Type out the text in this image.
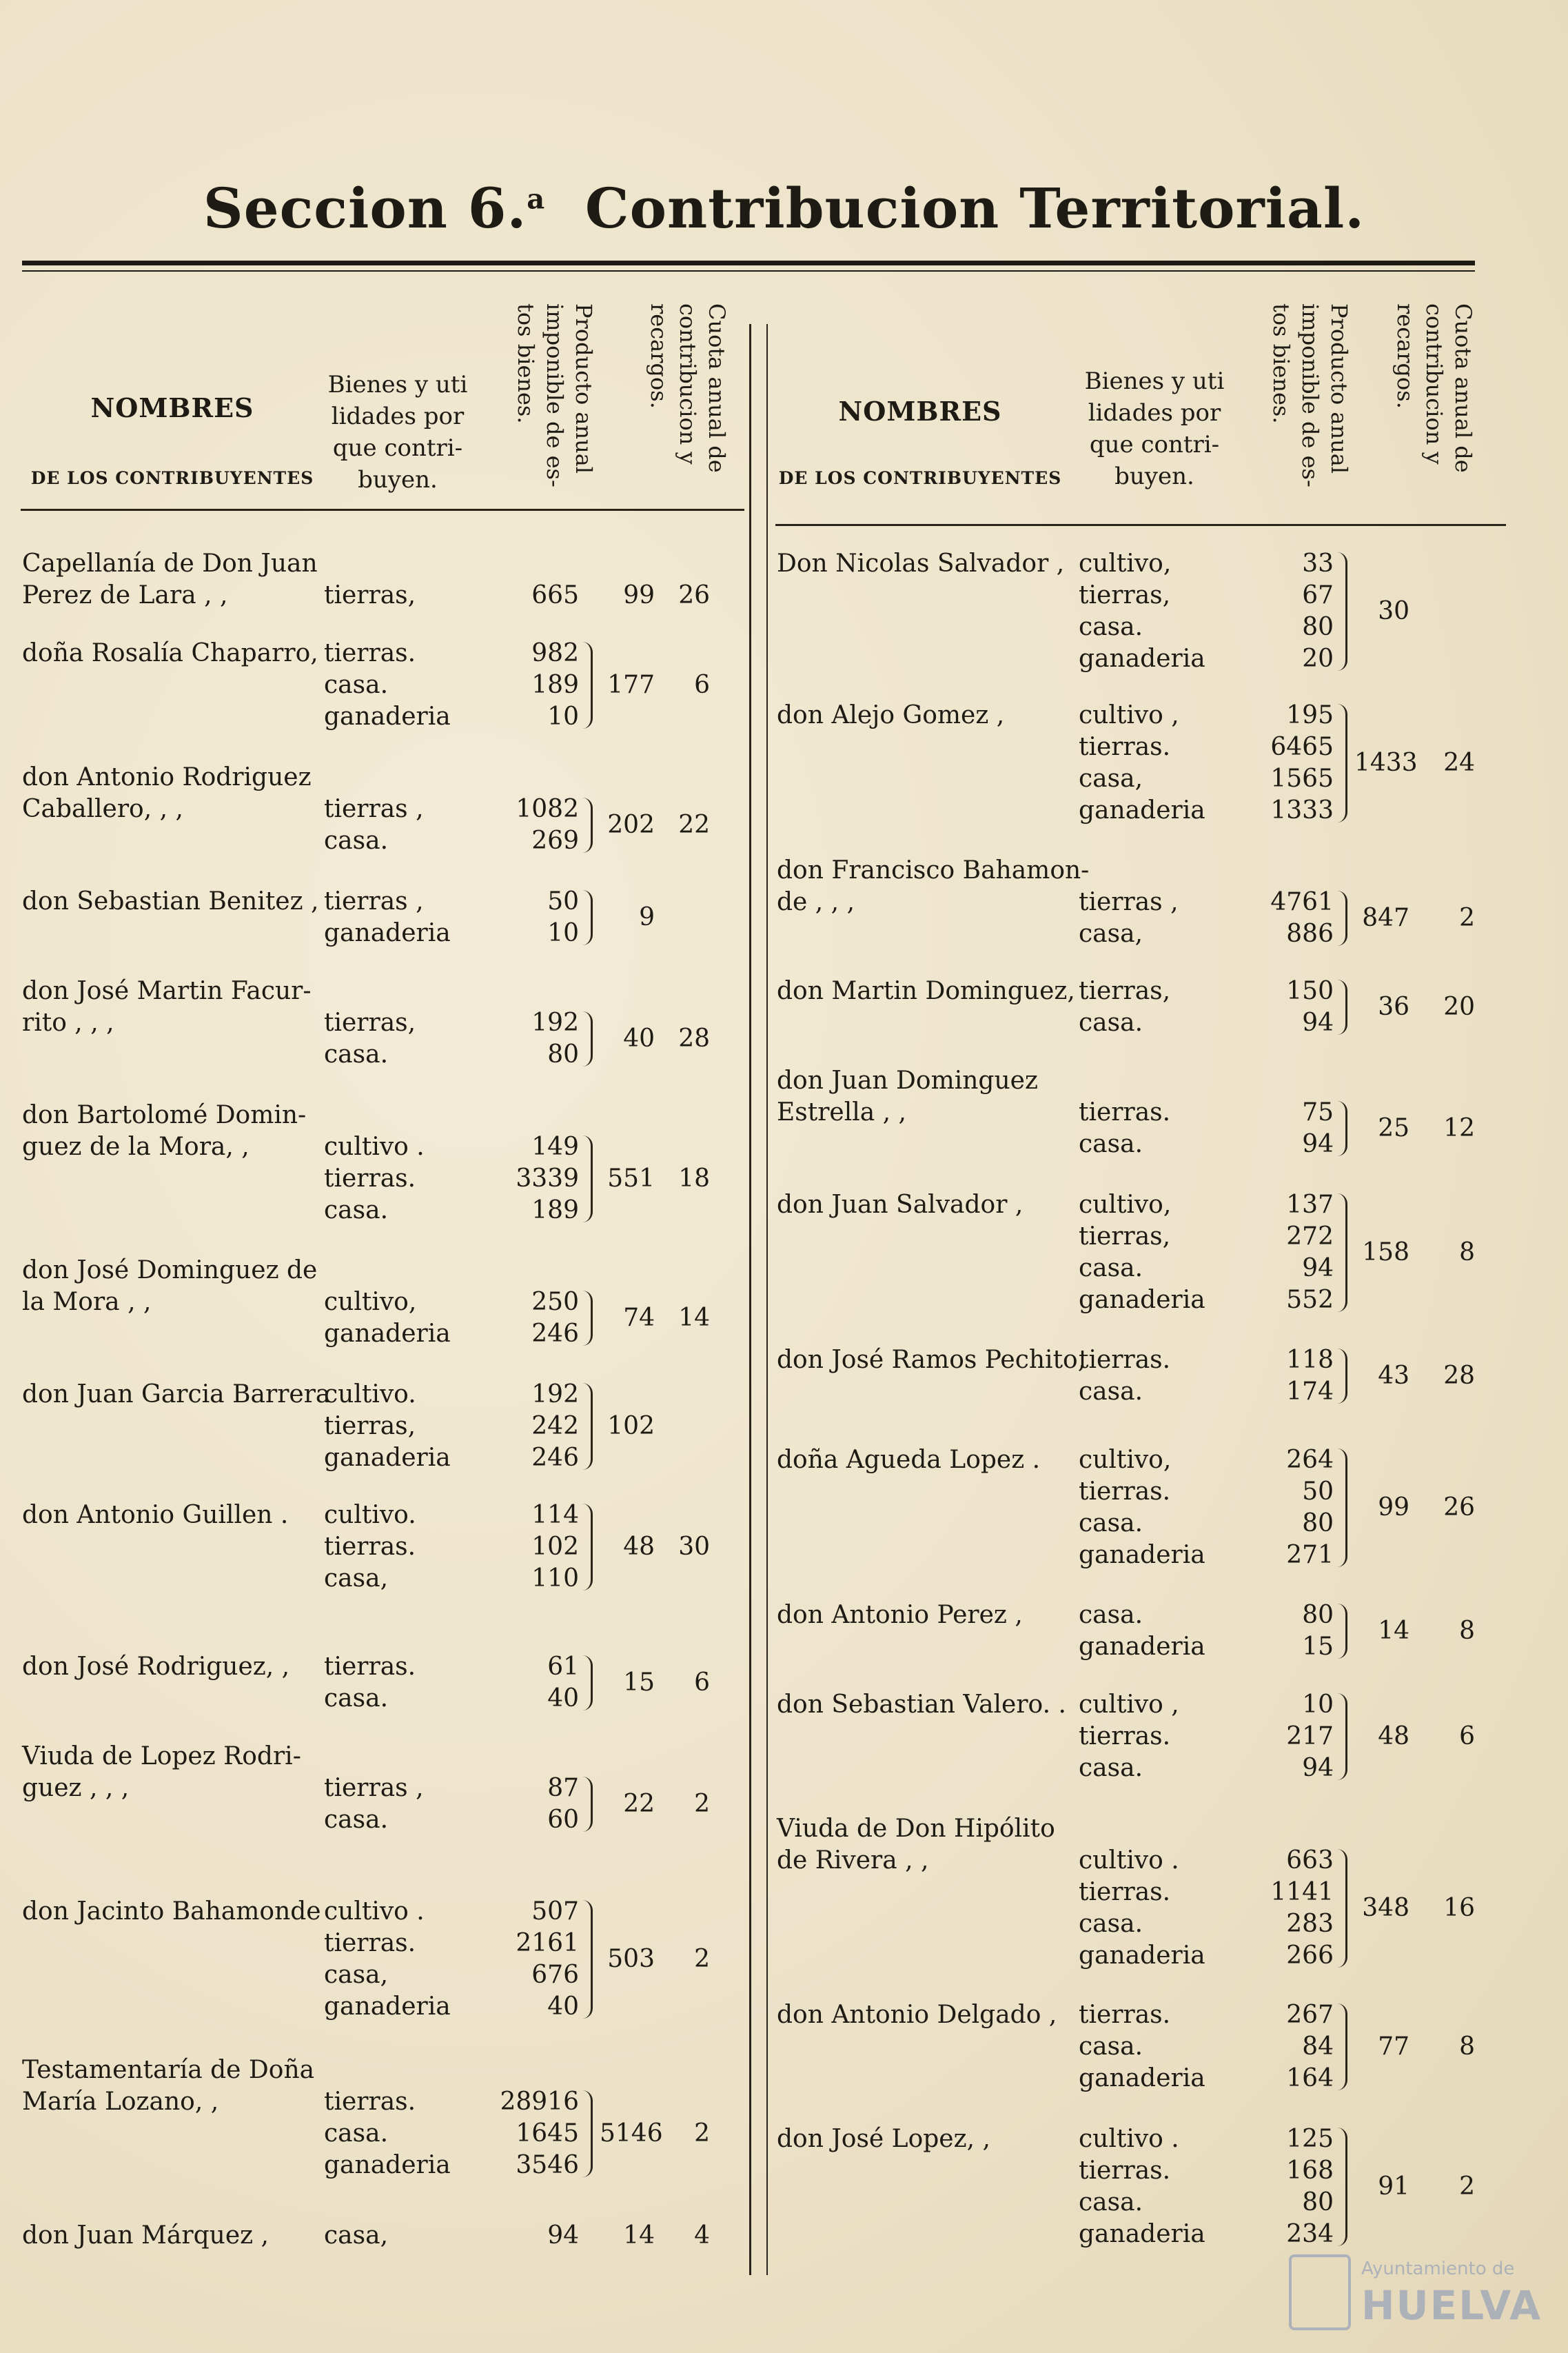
Seccion 6.$^a$ Contribucion Territorial.
NOMBRES
DE LOS CONTRIBUYENTES
Bienes y uti
lidades por
que contri-
buyen.
Producto anual
imponible de es-
tos bienes.	Cuota anual de
contribucion y
recargos.
NOMBRES
DE LOS CONTRIBUYENTES
Bienes y uti
lidades por
que contri-
buyen.
Producto anual
imponible de es-
tos bienes.	Cuota anual de
contribucion y
recargos.
Capellanía de Don Juan
Perez de Lara , ,	tierras,	665	99 26
doña Rosalía Chaparro, tierras.	982
casa.	189
ganaderia	10
177	6
don Antonio Rodriguez
Caballero, , ,	tierras ,	1082
casa.	269
202 22
don Sebastian Benitez , tierras ,	50
ganaderia	10
9
don José Martin Facur-
rito , , ,	tierras,	192
casa.	80
40 28
don Bartolomé Domin-
guez de la Mora, ,	cultivo .	149
tierras.	3339
casa.	189
551 18
don José Dominguez de
la Mora , ,	cultivo,	250
ganaderia	246
74 14
don Juan Garcia Barrera
cultivo.	192
tierras,	242
ganaderia	246
102
don Antonio Guillen . cultivo.	114
tierras.	102
casa,	110
48 30
don José Rodriguez, , tierras.	61
casa.	40
15	6
Viuda de Lopez Rodri-
guez , , ,	tierras ,	87
casa.	60
22	2
don Jacinto Bahamonde cultivo .	507
tierras.	2161
casa,	676
ganaderia	40
503	2
Testamentaría de Doña
María Lozano, ,	tierras.	28916
casa.	1645
ganaderia	3546
5146	2
don Juan Márquez , casa,	94	14	4
Don Nicolas Salvador , cultivo,	33
tierras,	67
casa.	80
ganaderia	20
30
don Alejo Gomez ,	cultivo ,	195
tierras.	6465
casa,	1565
ganaderia	1333
1433	24
don Francisco Bahamon-
de , , ,	tierras ,	4761
casa,	886
847	2
don Martin Dominguez, tierras,	150
casa.	94
36	20
don Juan Dominguez
Estrella , ,	tierras.	75
casa.	94
25	12
don Juan Salvador , cultivo,	137
tierras,	272
casa.	94
ganaderia	552
158	8
don José Ramos Pechito,
tierras.	118
casa.	174
43	28
doña Agueda Lopez . cultivo,	264
tierras.	50
casa.	80
ganaderia	271
99	26
don Antonio Perez , casa.	80
ganaderia	15
14	8
don Sebastian Valero. . cultivo ,	10
tierras.	217
casa.	94
48	6
Viuda de Don Hipólito
de Rivera , ,	cultivo .	663
tierras.	1141
casa.	283
ganaderia	266
348	16
don Antonio Delgado , tierras.	267
casa.	84
ganaderia	164
77	8
don José Lopez, ,	cultivo .	125
tierras.	168
casa.	80
ganaderia	234
91	2
Ayuntamiento de
HUELVA
